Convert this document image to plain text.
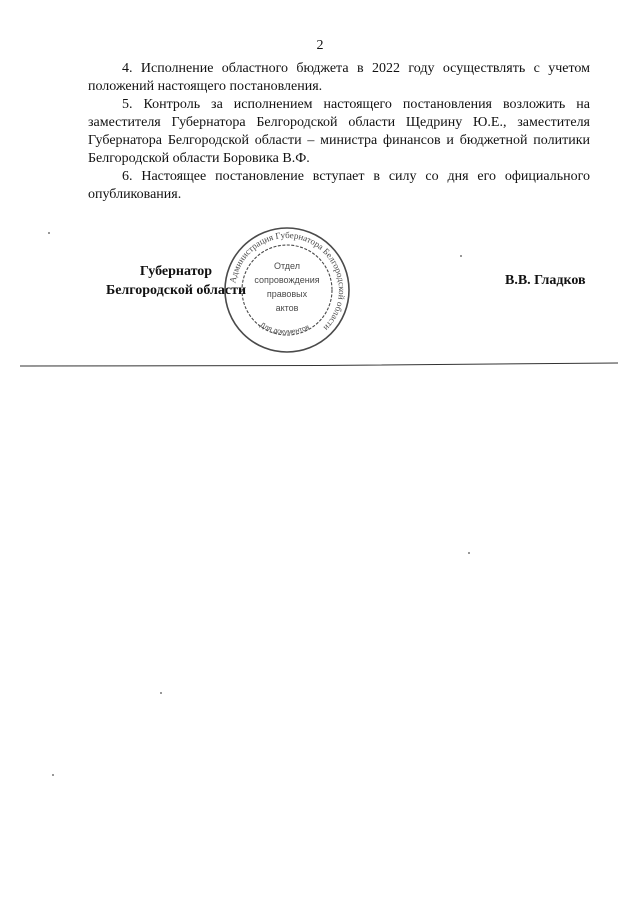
2

4. Исполнение областного бюджета в 2022 году осуществлять с учетом положений настоящего постановления.

5. Контроль за исполнением настоящего постановления возложить на заместителя Губернатора Белгородской области Щедрину Ю.Е., заместителя Губернатора Белгородской области – министра финансов и бюджетной политики Белгородской области Боровика В.Ф.

6. Настоящее постановление вступает в силу со дня его официального опубликования.

Губернатор
Белгородской области
Администрация Губернатора Белгородской области
Отдел
сопровождения
правовых
актов
Для документов
В.В. Гладков
